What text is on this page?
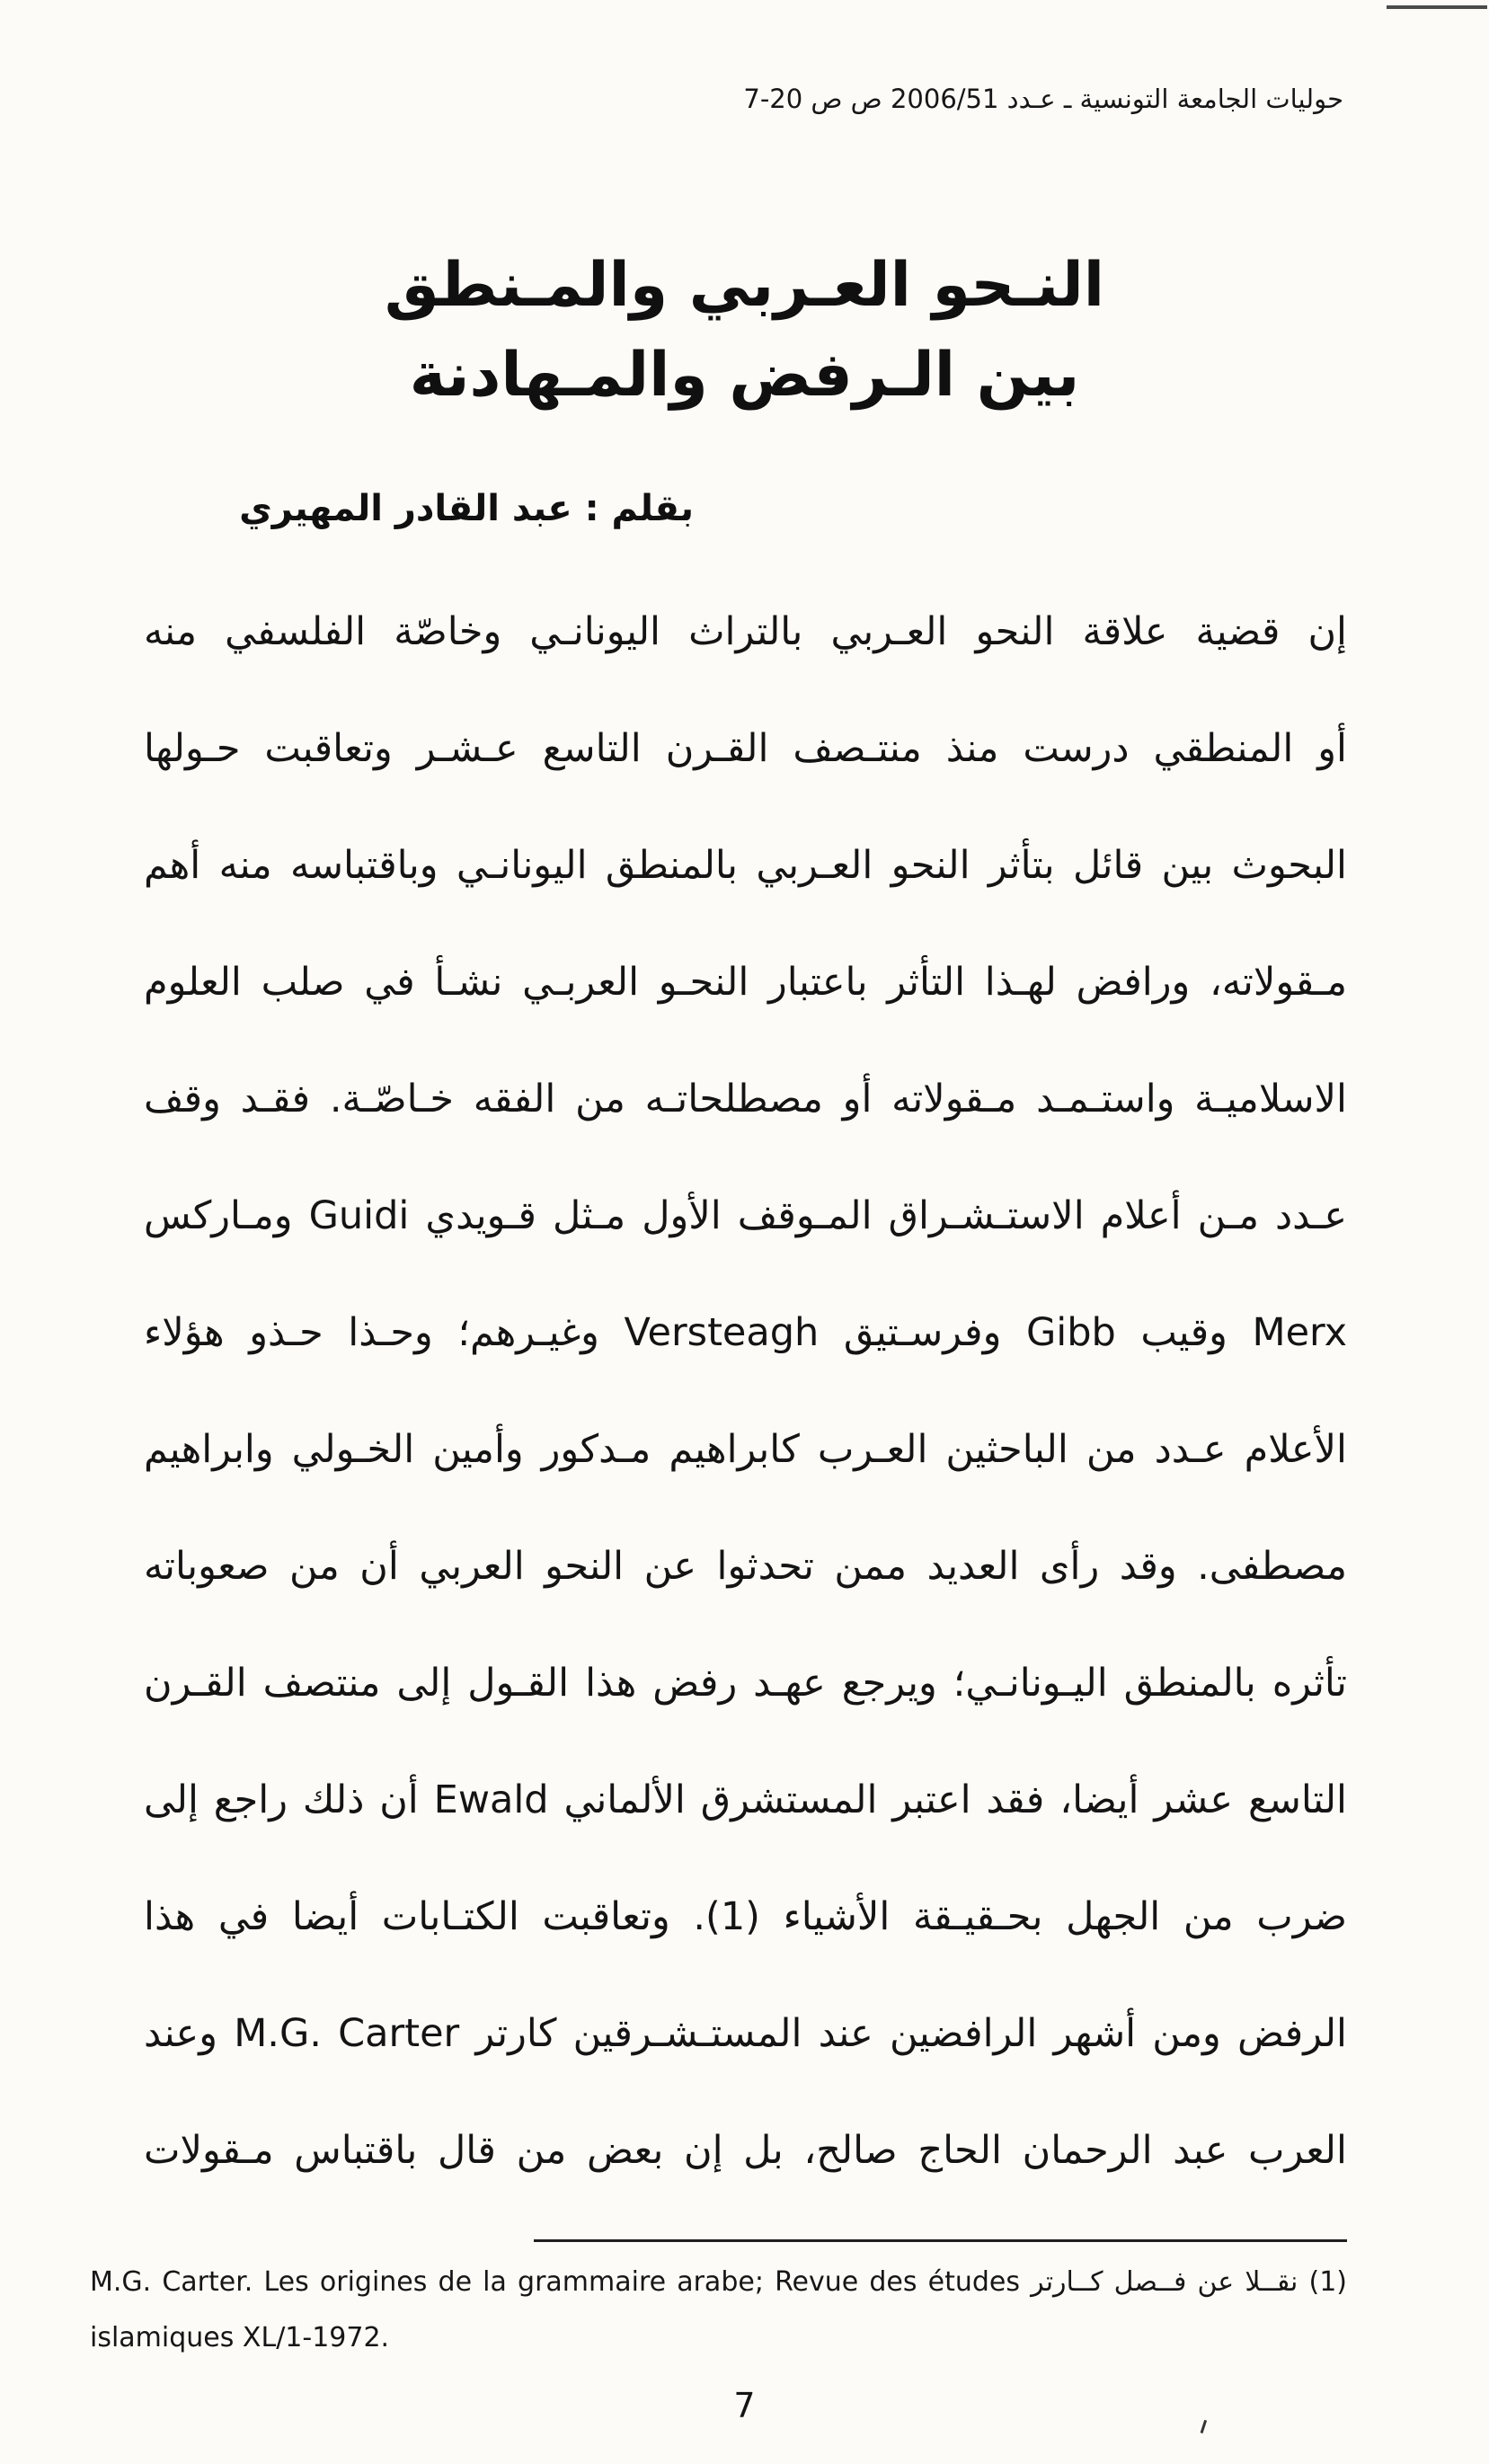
حوليات الجامعة التونسية ـ عـدد 2006/51 ص ص 20-7
النـحو العـربي والمـنطق
بين الـرفض والمـهادنة
بقلم : عبد القادر المهيري
إن قضية علاقة النحو العـربي بالتراث اليونانـي وخاصّة الفلسفي منه
أو المنطقي درست منذ منتـصف القـرن التاسع عـشـر وتعاقبت حـولها
البحوث بين قائل بتأثر النحو العـربي بالمنطق اليونانـي وباقتباسه منه أهم
مـقولاته، ورافض لهـذا التأثر باعتبار النحـو العربـي نشـأ في صلب العلوم
الاسلاميـة واستـمـد مـقولاته أو مصطلحاتـه من الفقه خـاصّـة. فقـد وقف
عـدد مـن أعلام الاستـشـراق المـوقف الأول مـثل قـويدي Guidi ومـاركس
Merx وقيب Gibb وفرسـتيق Versteagh وغيـرهم؛ وحـذا حـذو هؤلاء
الأعلام عـدد من الباحثين العـرب كابراهيم مـدكور وأمين الخـولي وابراهيم
مصطفى. وقد رأى العديد ممن تحدثوا عن النحو العربي أن من صعوباته
تأثره بالمنطق اليـونانـي؛ ويرجع عهـد رفض هذا القـول إلى منتصف القـرن
التاسع عشر أيضا، فقد اعتبر المستشرق الألماني Ewald أن ذلك راجع إلى
ضرب من الجهل بحـقيـقة الأشياء (1). وتعاقبت الكتـابات أيضا في هذا
الرفض ومن أشهر الرافضين عند المستـشـرقين كارتر M.G. Carter وعند
العرب عبد الرحمان الحاج صالح، بل إن بعض من قال باقتباس مـقولات
(1) نقــلا عن فــصل كــارتر M.G. Carter. Les origines de la grammaire arabe; Revue des études
islamiques XL/1-1972.
7
